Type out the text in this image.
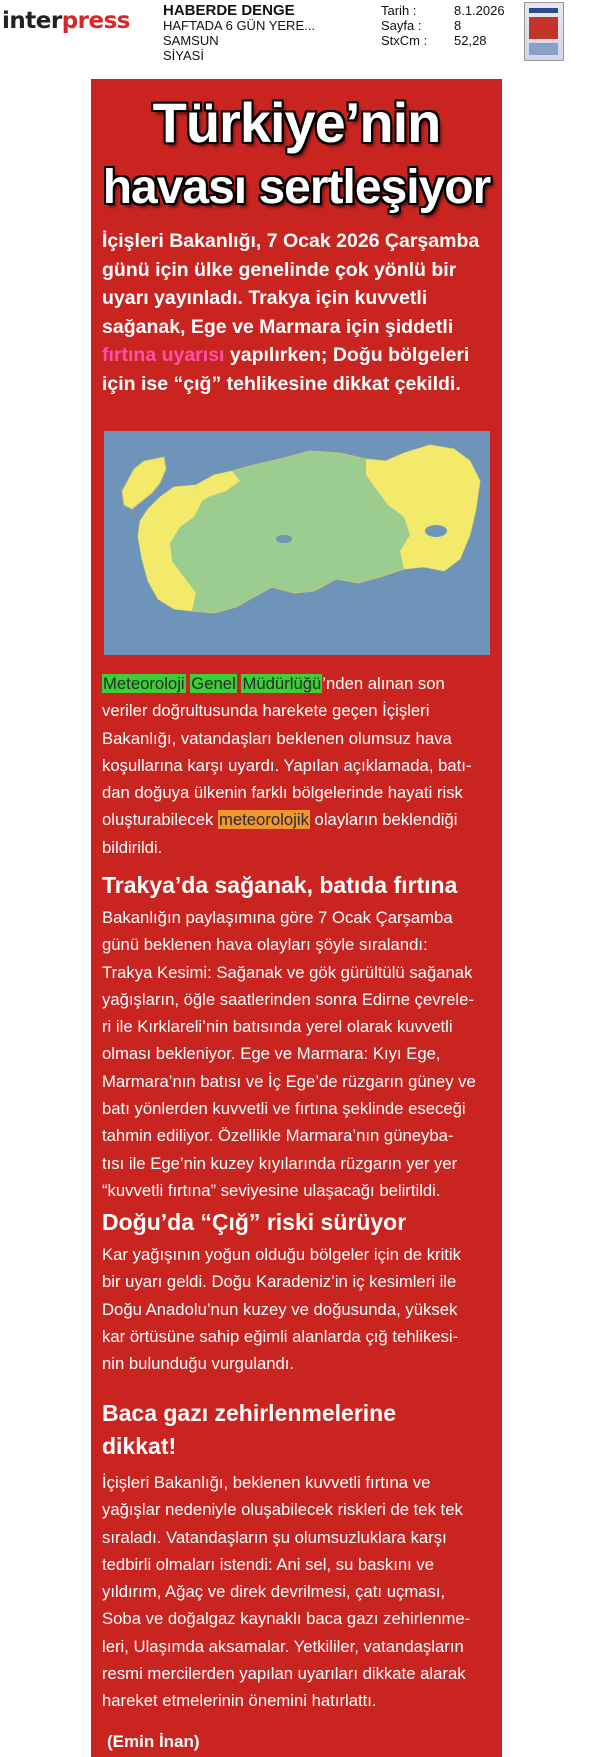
interpress HABERDE DENGE
HAFTADA 6 GÜN YERE...
SAMSUN
SİYASİ
Tarih :	8.1.2026
Sayfa :	8
StxCm :	52,28
Türkiye’nin
havası sertleşiyor
İçişleri Bakanlığı, 7 Ocak 2026 Çarşamba
günü için ülke genelinde çok yönlü bir
uyarı yayınladı. Trakya için kuvvetli
sağanak, Ege ve Marmara için şiddetli
fırtına uyarısı yapılırken; Doğu bölgeleri
için ise “çığ” tehlikesine dikkat çekildi.
Meteoroloji Genel Müdürlüğü’nden alınan son
veriler doğrultusunda harekete geçen İçişleri
Bakanlığı, vatandaşları beklenen olumsuz hava
koşullarına karşı uyardı. Yapılan açıklamada, batı-
dan doğuya ülkenin farklı bölgelerinde hayati risk
oluşturabilecek meteorolojik olayların beklendiği
bildirildi.
Trakya’da sağanak, batıda fırtına
Bakanlığın paylaşımına göre 7 Ocak Çarşamba
günü beklenen hava olayları şöyle sıralandı:
Trakya Kesimi: Sağanak ve gök gürültülü sağanak
yağışların, öğle saatlerinden sonra Edirne çevrele-
ri ile Kırklareli’nin batısında yerel olarak kuvvetli
olması bekleniyor. Ege ve Marmara: Kıyı Ege,
Marmara’nın batısı ve İç Ege’de rüzgarın güney ve
batı yönlerden kuvvetli ve fırtına şeklinde eseceği
tahmin ediliyor. Özellikle Marmara’nın güneyba-
tısı ile Ege’nin kuzey kıyılarında rüzgarın yer yer
“kuvvetli fırtına” seviyesine ulaşacağı belirtildi.
Doğu’da “Çığ” riski sürüyor
Kar yağışının yoğun olduğu bölgeler için de kritik
bir uyarı geldi. Doğu Karadeniz’in iç kesimleri ile
Doğu Anadolu’nun kuzey ve doğusunda, yüksek
kar örtüsüne sahip eğimli alanlarda çığ tehlikesi-
nin bulunduğu vurgulandı.
Baca gazı zehirlenmelerine
dikkat!
İçişleri Bakanlığı, beklenen kuvvetli fırtına ve
yağışlar nedeniyle oluşabilecek riskleri de tek tek
sıraladı. Vatandaşların şu olumsuzluklara karşı
tedbirli olmaları istendi: Ani sel, su baskını ve
yıldırım, Ağaç ve direk devrilmesi, çatı uçması,
Soba ve doğalgaz kaynaklı baca gazı zehirlenme-
leri, Ulaşımda aksamalar. Yetkililer, vatandaşların
resmi mercilerden yapılan uyarıları dikkate alarak
hareket etmelerinin önemini hatırlattı.
(Emin İnan)
